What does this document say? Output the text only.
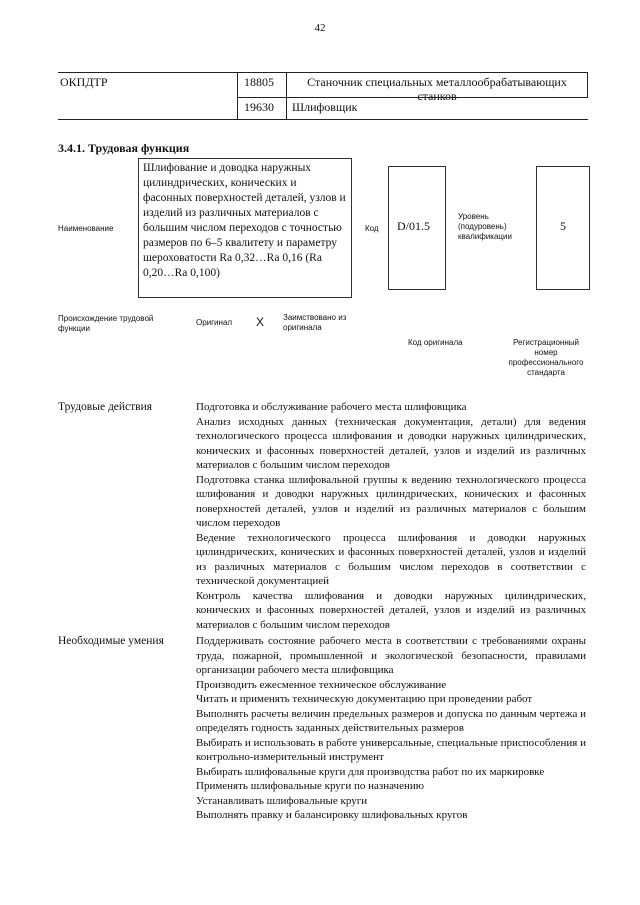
42
ОКПДТР	18805	Станочник специальных металлообрабатывающих станков
19630 Шлифовщик
3.4.1. Трудовая функция
Наименование
Шлифование и доводка наружных цилиндрических, конических и фасонных поверхностей деталей, узлов и изделий из различных материалов с большим числом переходов с точностью размеров по 6–5 квалитету и параметру шероховатости Ra 0,32…Ra 0,16 (Ra 0,20…Ra 0,100)
Код	D/01.5
Уровень (подуровень) квалификации
5
Происхождение трудовой функции
Оригинал X Заимствовано из оригинала
Код оригинала	Регистрационный номер профессионального стандарта
Трудовые действия	Подготовка и обслуживание рабочего места шлифовщика

Анализ исходных данных (техническая документация, детали) для ведения технологического процесса шлифования и доводки наружных цилиндрических, конических и фасонных поверхностей деталей, узлов и изделий из различных материалов с большим числом переходов

Подготовка станка шлифовальной группы к ведению технологического процесса шлифования и доводки наружных цилиндрических, конических и фасонных поверхностей деталей, узлов и изделий из различных материалов с большим числом переходов

Ведение технологического процесса шлифования и доводки наружных цилиндрических, конических и фасонных поверхностей деталей, узлов и изделий из различных материалов с большим числом переходов в соответствии с технической документацией

Контроль качества шлифования и доводки наружных цилиндрических, конических и фасонных поверхностей деталей, узлов и изделий из различных материалов с большим числом переходов

Необходимые умения	Поддерживать состояние рабочего места в соответствии с требованиями охраны труда, пожарной, промышленной и экологической безопасности, правилами организации рабочего места шлифовщика

Производить ежесменное техническое обслуживание

Читать и применять техническую документацию при проведении работ

Выполнять расчеты величин предельных размеров и допуска по данным чертежа и определять годность заданных действительных размеров

Выбирать и использовать в работе универсальные, специальные приспособления и контрольно-измерительный инструмент

Выбирать шлифовальные круги для производства работ по их маркировке

Применять шлифовальные круги по назначению

Устанавливать шлифовальные круги

Выполнять правку и балансировку шлифовальных кругов
